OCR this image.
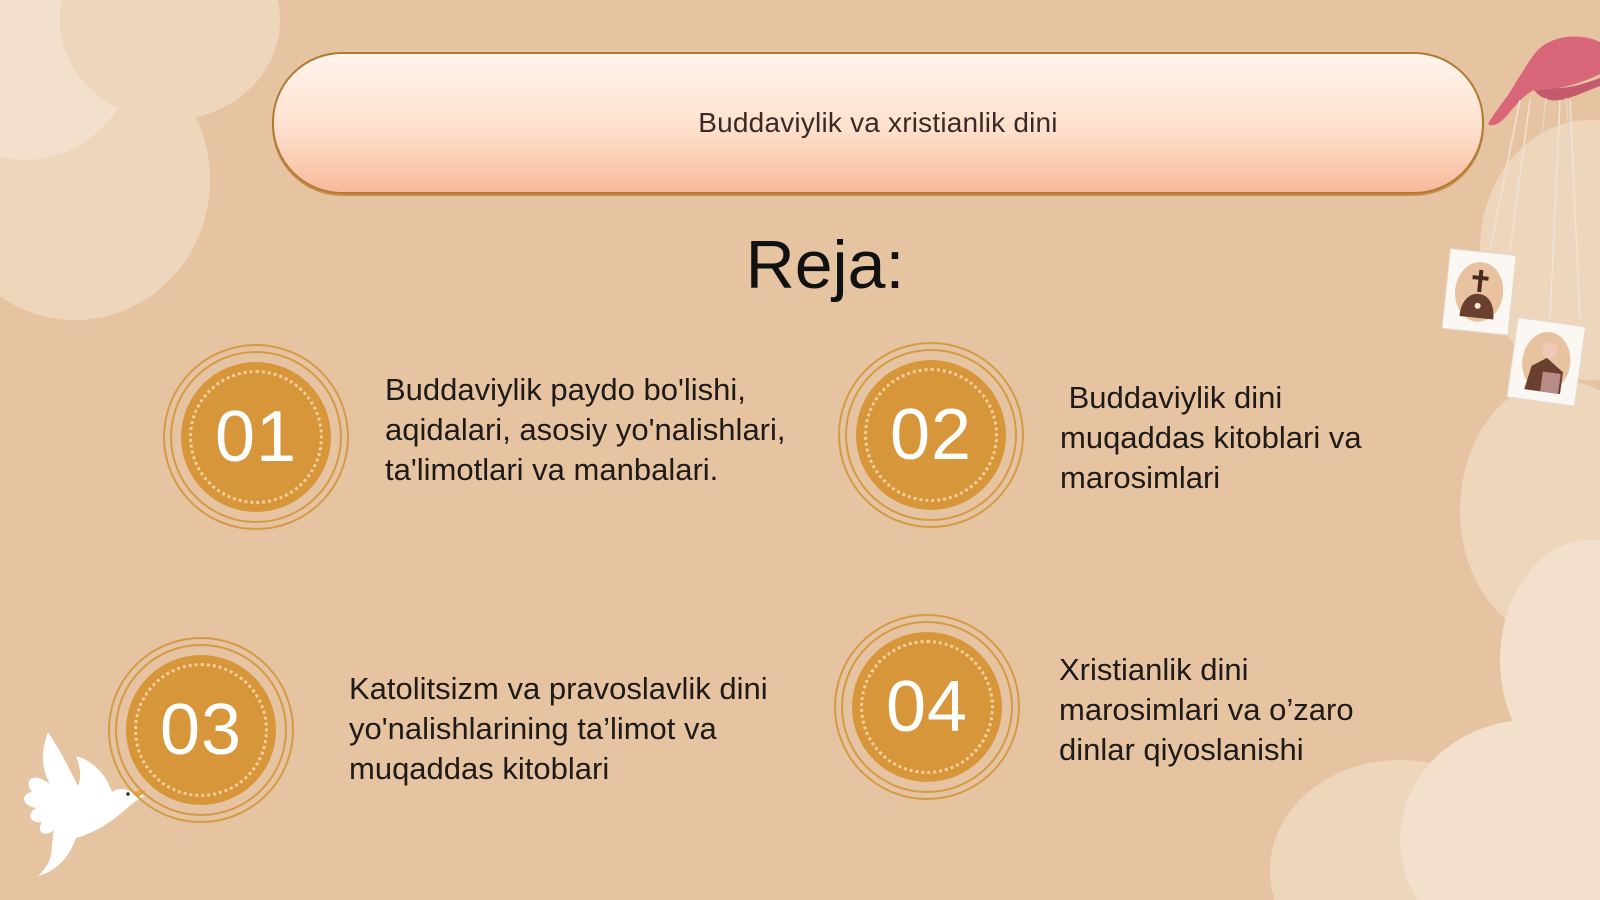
Buddaviylik va xristianlik dini
Reja:
01
Buddaviylik paydo bo'lishi, aqidalari, asosiy yo'nalishlari, ta'limotlari va manbalari.	02	Buddaviylik dini muqaddas kitoblari va marosimlari
03
Katolitsizm va pravoslavlik dini yo'nalishlarining ta’limot va muqaddas kitoblari
04	Xristianlik dini marosimlari va o’zaro dinlar qiyoslanishi
